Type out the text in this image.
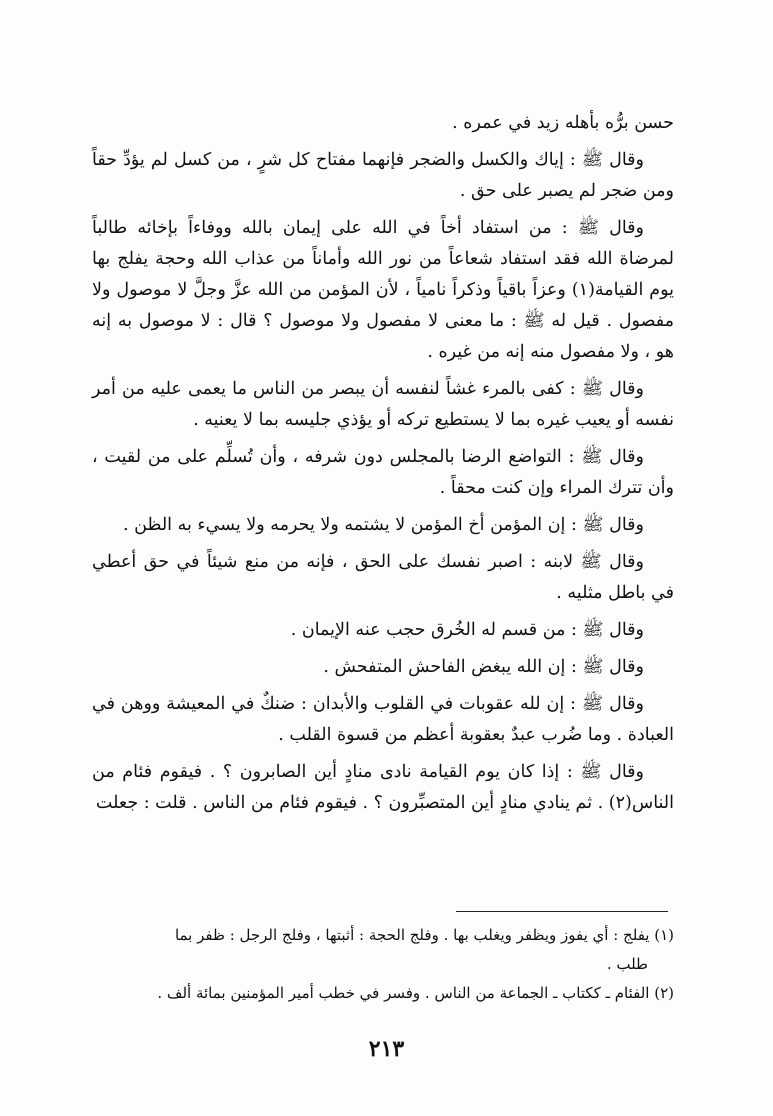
حسن برُّه بأهله زيد في عمره .

وقال ﷺ : إياك والكسل والضجر فإنهما مفتاح كل شرٍ ، من كسل لم يؤدِّ حقاً ومن ضجر لم يصبر على حق .

وقال ﷺ : من استفاد أخاً في الله على إيمان بالله ووفاءاً بإخائه طالباً لمرضاة الله فقد استفاد شعاعاً من نور الله وأماناً من عذاب الله وحجة يفلج بها يوم القيامة(١) وعزاً باقياً وذكراً نامياً ، لأن المؤمن من الله عزَّ وجلَّ لا موصول ولا مفصول . قيل له ﷺ : ما معنى لا مفصول ولا موصول ؟ قال : لا موصول به إنه هو ، ولا مفصول منه إنه من غيره .

وقال ﷺ : كفى بالمرء غشاً لنفسه أن يبصر من الناس ما يعمى عليه من أمر نفسه أو يعيب غيره بما لا يستطيع تركه أو يؤذي جليسه بما لا يعنيه .

وقال ﷺ : التواضع الرضا بالمجلس دون شرفه ، وأن تُسلِّم على من لقيت ، وأن تترك المراء وإن كنت محقاً .

وقال ﷺ : إن المؤمن أخ المؤمن لا يشتمه ولا يحرمه ولا يسيء به الظن .

وقال ﷺ لابنه : اصبر نفسك على الحق ، فإنه من منع شيئاً في حق أعطي في باطل مثليه .

وقال ﷺ : من قسم له الخُرق حجب عنه الإيمان .

وقال ﷺ : إن الله يبغض الفاحش المتفحش .

وقال ﷺ : إن لله عقوبات في القلوب والأبدان : ضنكٌ في المعيشة ووهن في العبادة . وما ضُرب عبدٌ بعقوبة أعظم من قسوة القلب .

وقال ﷺ : إذا كان يوم القيامة نادى منادٍ أين الصابرون ؟ . فيقوم فئام من الناس(٢) . ثم ينادي منادٍ أين المتصبِّرون ؟ . فيقوم فئام من الناس . قلت : جعلت

(١) يفلج : أي يفوز ويظفر ويغلب بها . وفلج الحجة : أثبتها ، وفلج الرجل : ظفر بما

طلب .

(٢) الفئام ـ ككتاب ـ الجماعة من الناس . وفسر في خطب أمير المؤمنين بمائة ألف .

٢١٣
